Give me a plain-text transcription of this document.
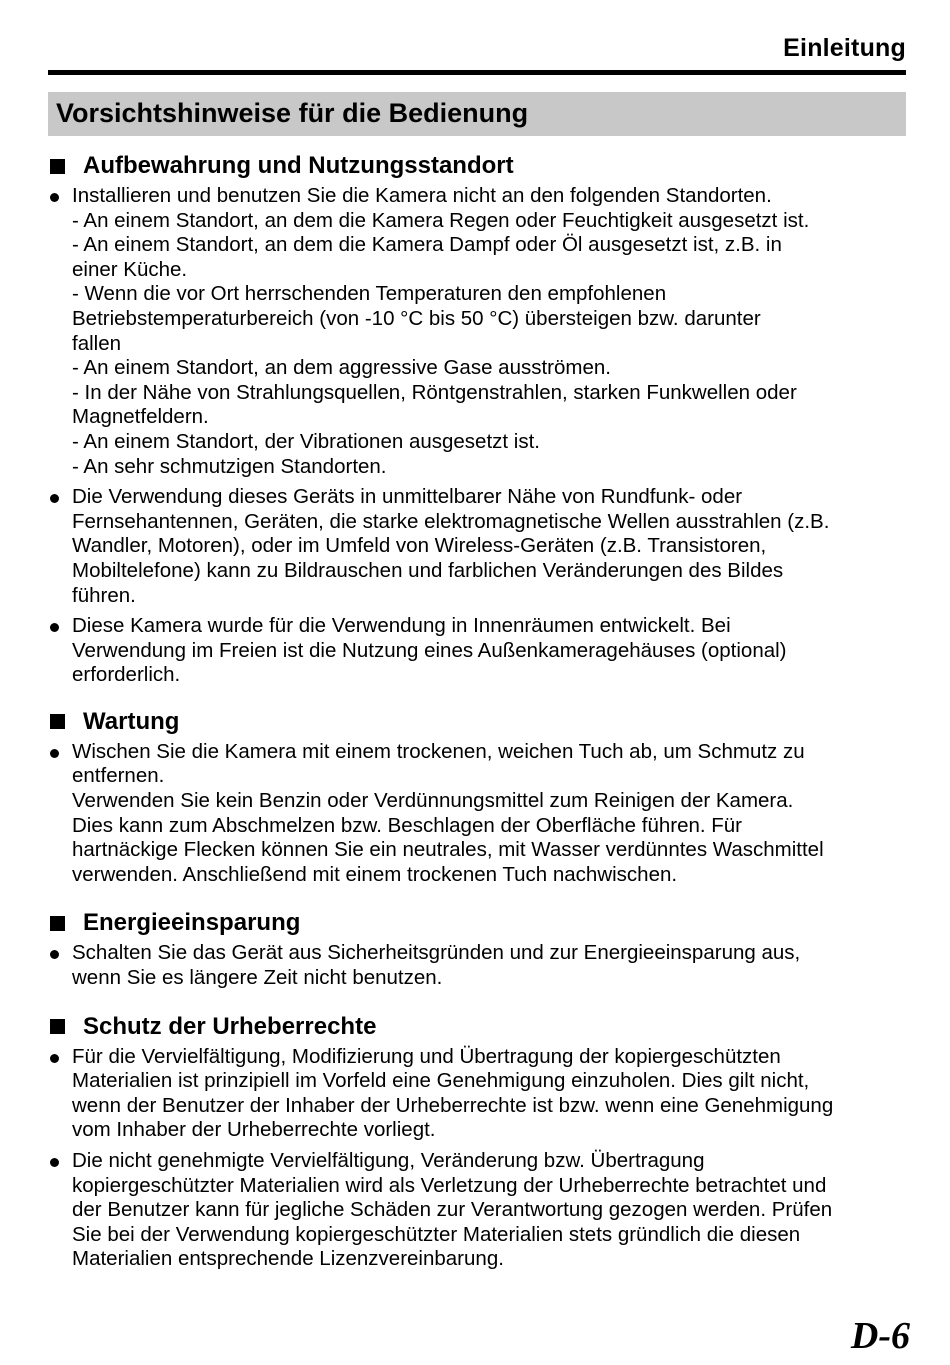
Einleitung
Vorsichtshinweise für die Bedienung
Aufbewahrung und Nutzungsstandort
Installieren und benutzen Sie die Kamera nicht an den folgenden Standorten.
- An einem Standort, an dem die Kamera Regen oder Feuchtigkeit ausgesetzt ist.
- An einem Standort, an dem die Kamera Dampf oder Öl ausgesetzt ist, z.B. in
einer Küche.
- Wenn die vor Ort herrschenden Temperaturen den empfohlenen
Betriebstemperaturbereich (von -10 °C bis 50 °C) übersteigen bzw. darunter
fallen
- An einem Standort, an dem aggressive Gase ausströmen.
- In der Nähe von Strahlungsquellen, Röntgenstrahlen, starken Funkwellen oder
Magnetfeldern.
- An einem Standort, der Vibrationen ausgesetzt ist.
- An sehr schmutzigen Standorten.
Die Verwendung dieses Geräts in unmittelbarer Nähe von Rundfunk- oder
Fernsehantennen, Geräten, die starke elektromagnetische Wellen ausstrahlen (z.B.
Wandler, Motoren), oder im Umfeld von Wireless-Geräten (z.B. Transistoren,
Mobiltelefone) kann zu Bildrauschen und farblichen Veränderungen des Bildes
führen.
Diese Kamera wurde für die Verwendung in Innenräumen entwickelt. Bei
Verwendung im Freien ist die Nutzung eines Außenkameragehäuses (optional)
erforderlich.
Wartung
Wischen Sie die Kamera mit einem trockenen, weichen Tuch ab, um Schmutz zu
entfernen.
Verwenden Sie kein Benzin oder Verdünnungsmittel zum Reinigen der Kamera.
Dies kann zum Abschmelzen bzw. Beschlagen der Oberfläche führen. Für
hartnäckige Flecken können Sie ein neutrales, mit Wasser verdünntes Waschmittel
verwenden. Anschließend mit einem trockenen Tuch nachwischen.
Energieeinsparung
Schalten Sie das Gerät aus Sicherheitsgründen und zur Energieeinsparung aus,
wenn Sie es längere Zeit nicht benutzen.
Schutz der Urheberrechte
Für die Vervielfältigung, Modifizierung und Übertragung der kopiergeschützten
Materialien ist prinzipiell im Vorfeld eine Genehmigung einzuholen. Dies gilt nicht,
wenn der Benutzer der Inhaber der Urheberrechte ist bzw. wenn eine Genehmigung
vom Inhaber der Urheberrechte vorliegt.
Die nicht genehmigte Vervielfältigung, Veränderung bzw. Übertragung
kopiergeschützter Materialien wird als Verletzung der Urheberrechte betrachtet und
der Benutzer kann für jegliche Schäden zur Verantwortung gezogen werden. Prüfen
Sie bei der Verwendung kopiergeschützter Materialien stets gründlich die diesen
Materialien entsprechende Lizenzvereinbarung.
D-6
